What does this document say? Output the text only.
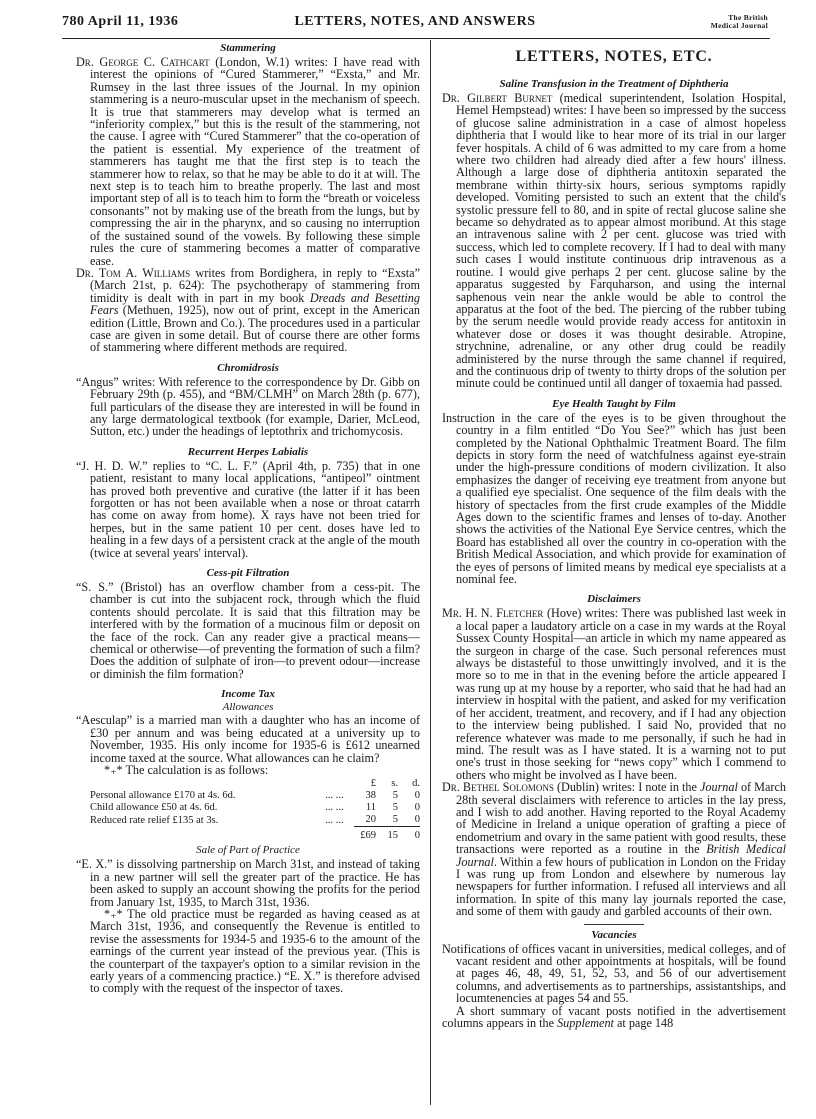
780 April 11, 1936	LETTERS, NOTES, AND ANSWERS	The British
Medical Journal
Stammering

Dr. George C. Cathcart (London, W.1) writes: I have read with interest the opinions of “Cured Stammerer,” “Exsta,” and Mr. Rumsey in the last three issues of the Journal. In my opinion stammering is a neuro-muscular upset in the mechanism of speech. It is true that stammerers may develop what is termed an “inferiority complex,” but this is the result of the stammering, not the cause. I agree with “Cured Stammerer” that the co-operation of the patient is essential. My experience of the treatment of stammerers has taught me that the first step is to teach the stammerer how to relax, so that he may be able to do it at will. The next step is to teach him to breathe properly. The last and most important step of all is to teach him to form the “breath or voiceless consonants” not by making use of the breath from the lungs, but by compressing the air in the pharynx, and so causing no interruption of the sustained sound of the vowels. By following these simple rules the cure of stammering becomes a matter of comparative ease.

Dr. Tom A. Williams writes from Bordighera, in reply to “Exsta” (March 21st, p. 624): The psychotherapy of stammering from timidity is dealt with in part in my book Dreads and Besetting Fears (Methuen, 1925), now out of print, except in the American edition (Little, Brown and Co.). The procedures used in a particular case are given in some detail. But of course there are other forms of stammering where different methods are required.

Chromidrosis

“Angus” writes: With reference to the correspondence by Dr. Gibb on February 29th (p. 455), and “BM/CLMH” on March 28th (p. 677), full particulars of the disease they are interested in will be found in any large dermatological textbook (for example, Darier, McLeod, Sutton, etc.) under the headings of leptothrix and trichomycosis.

Recurrent Herpes Labialis

“J. H. D. W.” replies to “C. L. F.” (April 4th, p. 735) that in one patient, resistant to many local applications, “antipeol” ointment has proved both preventive and curative (the latter if it has been forgotten or has not been available when a nose or throat catarrh has come on away from home). X rays have not been tried for herpes, but in the same patient 10 per cent. doses have led to healing in a few days of a persistent crack at the angle of the mouth (twice at several years' interval).

Cess-pit Filtration

“S. S.” (Bristol) has an overflow chamber from a cess-pit. The chamber is cut into the subjacent rock, through which the fluid contents should percolate. It is said that this filtration may be interfered with by the formation of a mucinous film or deposit on the face of the rock. Can any reader give a practical means—chemical or otherwise—of preventing the formation of such a film? Does the addition of sulphate of iron—to prevent odour—increase or diminish the film formation?

Income Tax
Allowances

“Aesculap” is a married man with a daughter who has an income of £30 per annum and was being educated at a university up to November, 1935. His only income for 1935-6 is £612 unearned income taxed at the source. What allowances can he claim?

*₊* The calculation is as follows:

		£	s.	d.
Personal allowance £170 at 4s. 6d.	... ...	38	5	0
Child allowance £50 at 4s. 6d.	... ...	11	5	0
Reduced rate relief £135 at 3s.	... ...	20	5	0
		£69	15	0
Sale of Part of Practice

“E. X.” is dissolving partnership on March 31st, and instead of taking in a new partner will sell the greater part of the practice. He has been asked to supply an account showing the profits for the period from January 1st, 1935, to March 31st, 1936.

*₊* The old practice must be regarded as having ceased as at March 31st, 1936, and consequently the Revenue is entitled to revise the assessments for 1934-5 and 1935-6 to the amount of the earnings of the current year instead of the previous year. (This is the counterpart of the taxpayer's option to a similar revision in the early years of a commencing practice.) “E. X.” is therefore advised to comply with the request of the inspector of taxes.

LETTERS, NOTES, ETC.
Saline Transfusion in the Treatment of Diphtheria

Dr. Gilbert Burnet (medical superintendent, Isolation Hospital, Hemel Hempstead) writes: I have been so impressed by the success of glucose saline administration in a case of almost hopeless diphtheria that I would like to hear more of its trial in our larger fever hospitals. A child of 6 was admitted to my care from a home where two children had already died after a few hours' illness. Although a large dose of diphtheria antitoxin separated the membrane within thirty-six hours, serious symptoms rapidly developed. Vomiting persisted to such an extent that the child's systolic pressure fell to 80, and in spite of rectal glucose saline she became so dehydrated as to appear almost moribund. At this stage an intravenous saline with 2 per cent. glucose was tried with success, which led to complete recovery. If I had to deal with many such cases I would institute continuous drip intravenous as a routine. I would give perhaps 2 per cent. glucose saline by the apparatus suggested by Farquharson, and using the internal saphenous vein near the ankle would be able to control the apparatus at the foot of the bed. The piercing of the rubber tubing by the serum needle would provide ready access for antitoxin in whatever dose or doses it was thought desirable. Atropine, strychnine, adrenaline, or any other drug could be readily administered by the nurse through the same channel if required, and the continuous drip of twenty to thirty drops of the solution per minute could be continued until all danger of toxaemia had passed.

Eye Health Taught by Film

Instruction in the care of the eyes is to be given throughout the country in a film entitled “Do You See?” which has just been completed by the National Ophthalmic Treatment Board. The film depicts in story form the need of watchfulness against eye-strain under the high-pressure conditions of modern civilization. It also emphasizes the danger of receiving eye treatment from anyone but a qualified eye specialist. One sequence of the film deals with the history of spectacles from the first crude examples of the Middle Ages down to the scientific frames and lenses of to-day. Another shows the activities of the National Eye Service centres, which the Board has established all over the country in co-operation with the British Medical Association, and which provide for examination of the eyes of persons of limited means by medical eye specialists at a nominal fee.

Disclaimers

Mr. H. N. Fletcher (Hove) writes: There was published last week in a local paper a laudatory article on a case in my wards at the Royal Sussex County Hospital—an article in which my name appeared as the surgeon in charge of the case. Such personal references must always be distasteful to those unwittingly involved, and it is the more so to me in that in the evening before the article appeared I was rung up at my house by a reporter, who said that he had had an interview in hospital with the patient, and asked for my verification of her accident, treatment, and recovery, and if I had any objection to the interview being published. I said No, provided that no reference whatever was made to me personally, if such he had in mind. The result was as I have stated. It is a warning not to put one's trust in those seeking for “news copy” which I commend to others who might be involved as I have been.

Dr. Bethel Solomons (Dublin) writes: I note in the Journal of March 28th several disclaimers with reference to articles in the lay press, and I wish to add another. Having reported to the Royal Academy of Medicine in Ireland a unique operation of grafting a piece of endometrium and ovary in the same patient with good results, these transactions were reported as a routine in the British Medical Journal. Within a few hours of publication in London on the Friday I was rung up from London and elsewhere by numerous lay newspapers for further information. I refused all interviews and all information. In spite of this many lay journals reported the case, and some of them with gaudy and garbled accounts of their own.

Vacancies

Notifications of offices vacant in universities, medical colleges, and of vacant resident and other appointments at hospitals, will be found at pages 46, 48, 49, 51, 52, 53, and 56 of our advertisement columns, and advertisements as to partnerships, assistantships, and locumtenencies at pages 54 and 55.

A short summary of vacant posts notified in the advertisement columns appears in the Supplement at page 148
